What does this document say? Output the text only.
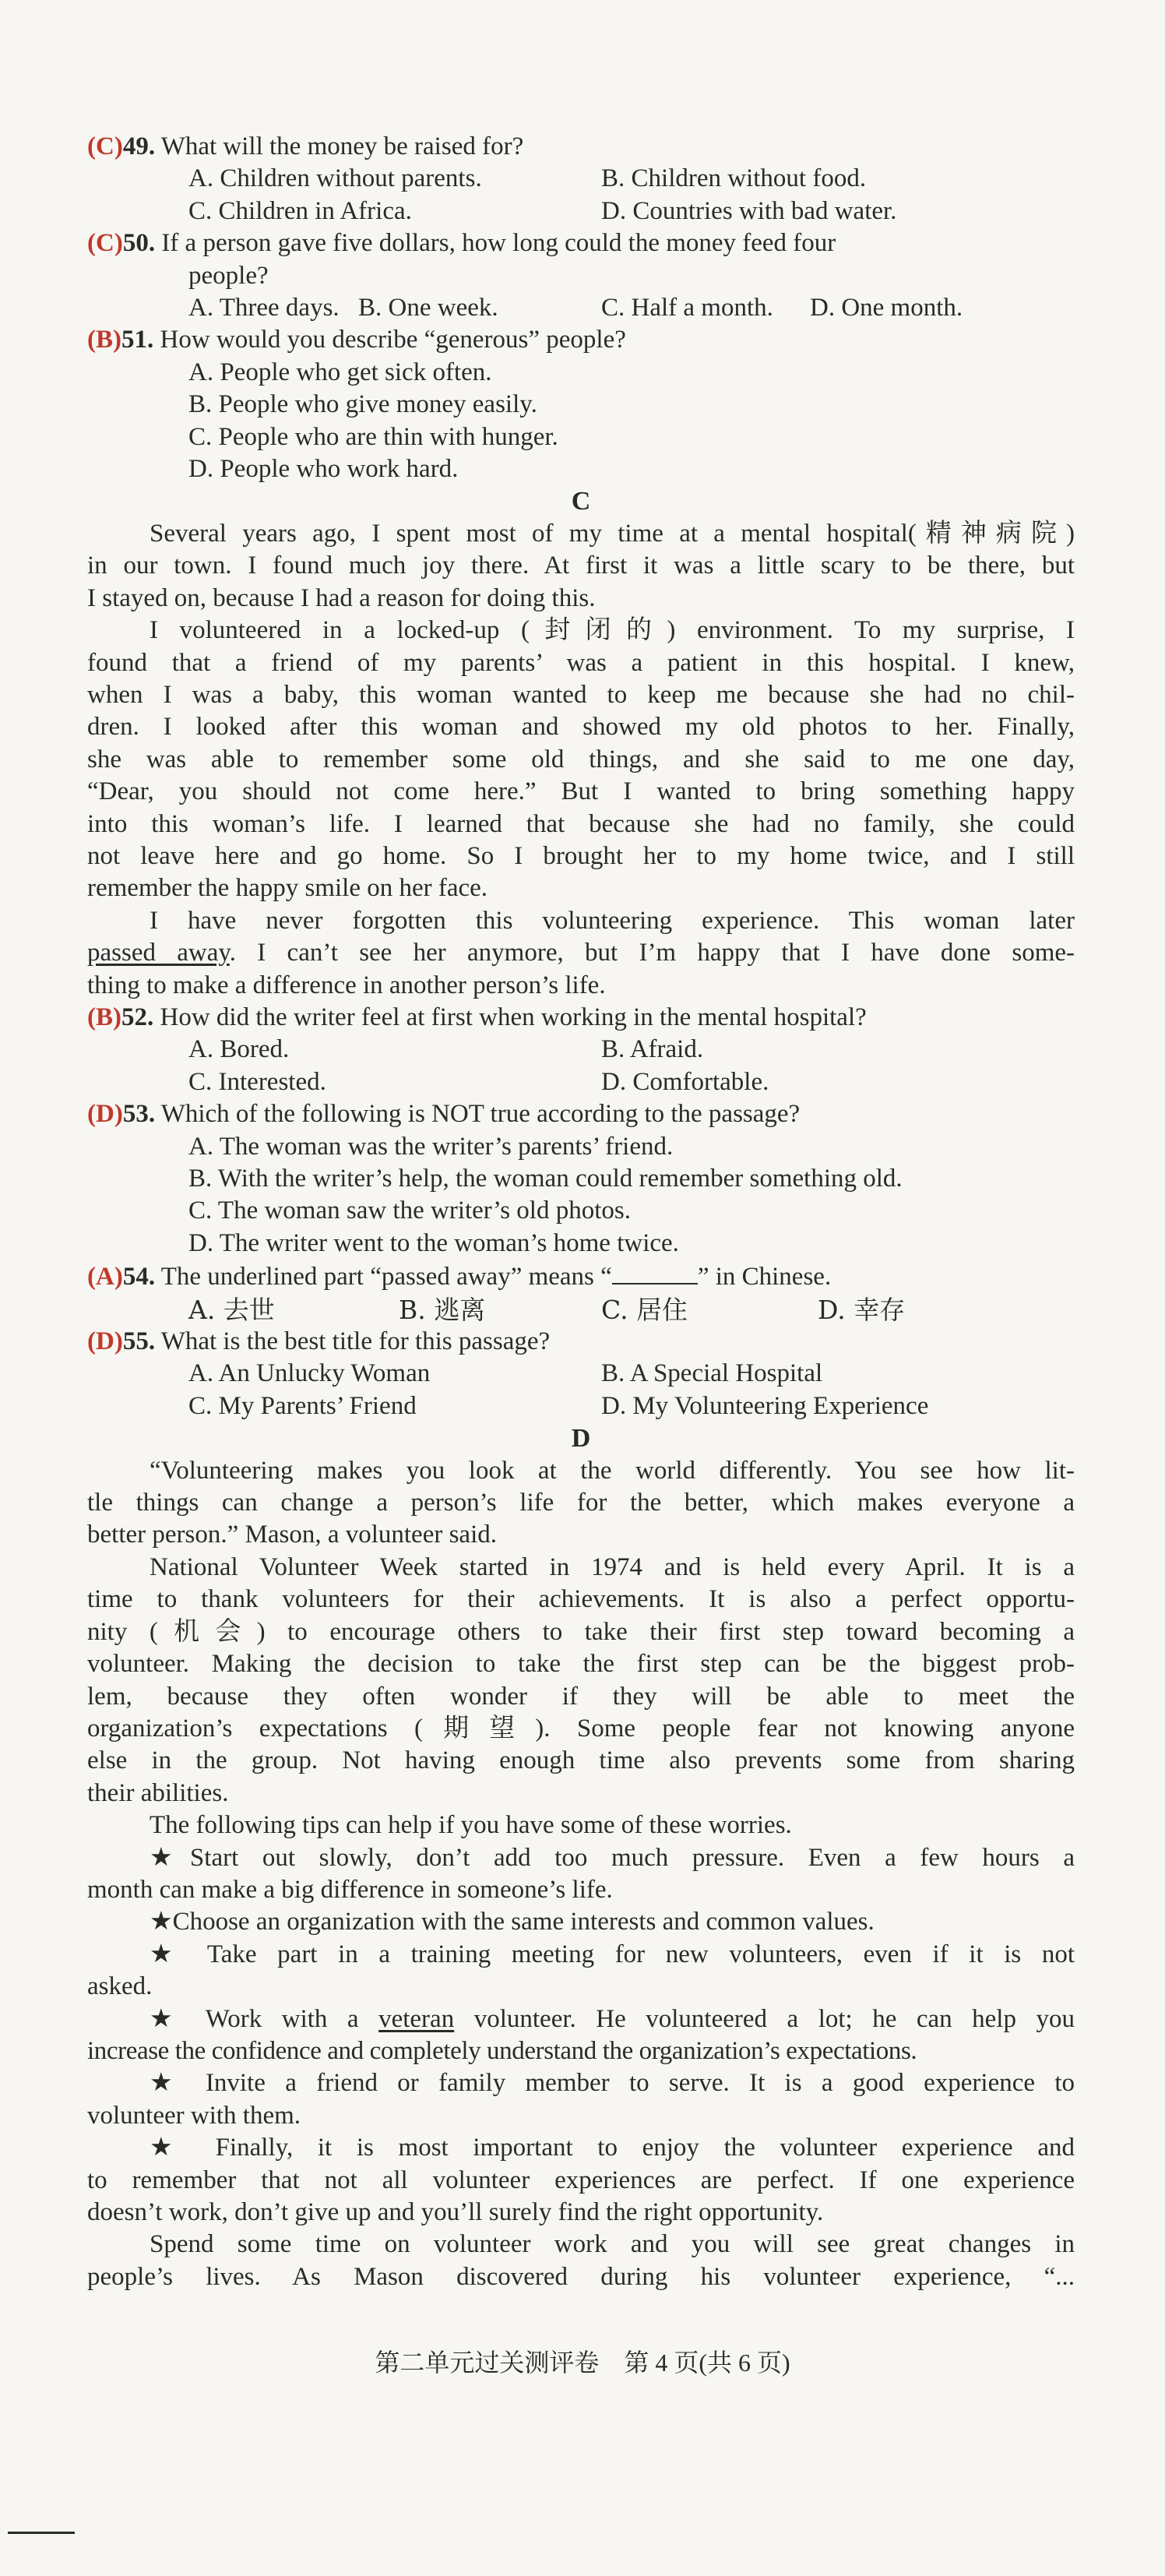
(C)49. What will the money be raised for?
A. Children without parents.	B. Children without food.
C. Children in Africa.	D. Countries with bad water.
(C)50. If a person gave five dollars, how long could the money feed four
people?
A. Three days. B. One week.	C. Half a month.	D. One month.
(B)51. How would you describe “generous” people?
A. People who get sick often.
B. People who give money easily.
C. People who are thin with hunger.
D. People who work hard.
C
Several years ago, I spent most of my time at a mental hospital(精神病院)
in our town. I found much joy there. At first it was a little scary to be there, but
I stayed on, because I had a reason for doing this.
I volunteered in a locked-up (封闭的) environment. To my surprise, I
found that a friend of my parents’ was a patient in this hospital. I knew,
when I was a baby, this woman wanted to keep me because she had no chil-
dren. I looked after this woman and showed my old photos to her. Finally,
she was able to remember some old things, and she said to me one day,
“Dear, you should not come here.” But I wanted to bring something happy
into this woman’s life. I learned that because she had no family, she could
not leave here and go home. So I brought her to my home twice, and I still
remember the happy smile on her face.
I have never forgotten this volunteering experience. This woman later
passed away. I can’t see her anymore, but I’m happy that I have done some-
thing to make a difference in another person’s life.
(B)52. How did the writer feel at first when working in the mental hospital?
A. Bored.	B. Afraid.
C. Interested.	D. Comfortable.
(D)53. Which of the following is NOT true according to the passage?
A. The woman was the writer’s parents’ friend.
B. With the writer’s help, the woman could remember something old.
C. The woman saw the writer’s old photos.
D. The writer went to the woman’s home twice.
(A)54. The underlined part “passed away” means “	” in Chinese.
A. 去世	B. 逃离	C. 居住	D. 幸存
(D)55. What is the best title for this passage?
A. An Unlucky Woman	B. A Special Hospital
C. My Parents’ Friend	D. My Volunteering Experience
D
“Volunteering makes you look at the world differently. You see how lit-
tle things can change a person’s life for the better, which makes everyone a
better person.” Mason, a volunteer said.
National Volunteer Week started in 1974 and is held every April. It is a
time to thank volunteers for their achievements. It is also a perfect opportu-
nity (机会) to encourage others to take their first step toward becoming a
volunteer. Making the decision to take the first step can be the biggest prob-
lem, because they often wonder if they will be able to meet the
organization’s expectations (期望). Some people fear not knowing anyone
else in the group. Not having enough time also prevents some from sharing
their abilities.
The following tips can help if you have some of these worries.
★Start out slowly, don’t add too much pressure. Even a few hours a
month can make a big difference in someone’s life.
★Choose an organization with the same interests and common values.
★ Take part in a training meeting for new volunteers, even if it is not
asked.
★ Work with a veteran volunteer. He volunteered a lot; he can help you
increase the confidence and completely understand the organization’s expectations.
★ Invite a friend or family member to serve. It is a good experience to
volunteer with them.
★ Finally, it is most important to enjoy the volunteer experience and
to remember that not all volunteer experiences are perfect. If one experience
doesn’t work, don’t give up and you’ll surely find the right opportunity.
Spend some time on volunteer work and you will see great changes in
people’s lives. As Mason discovered during his volunteer experience, “...
第二单元过关测评卷　第 4 页(共 6 页)
